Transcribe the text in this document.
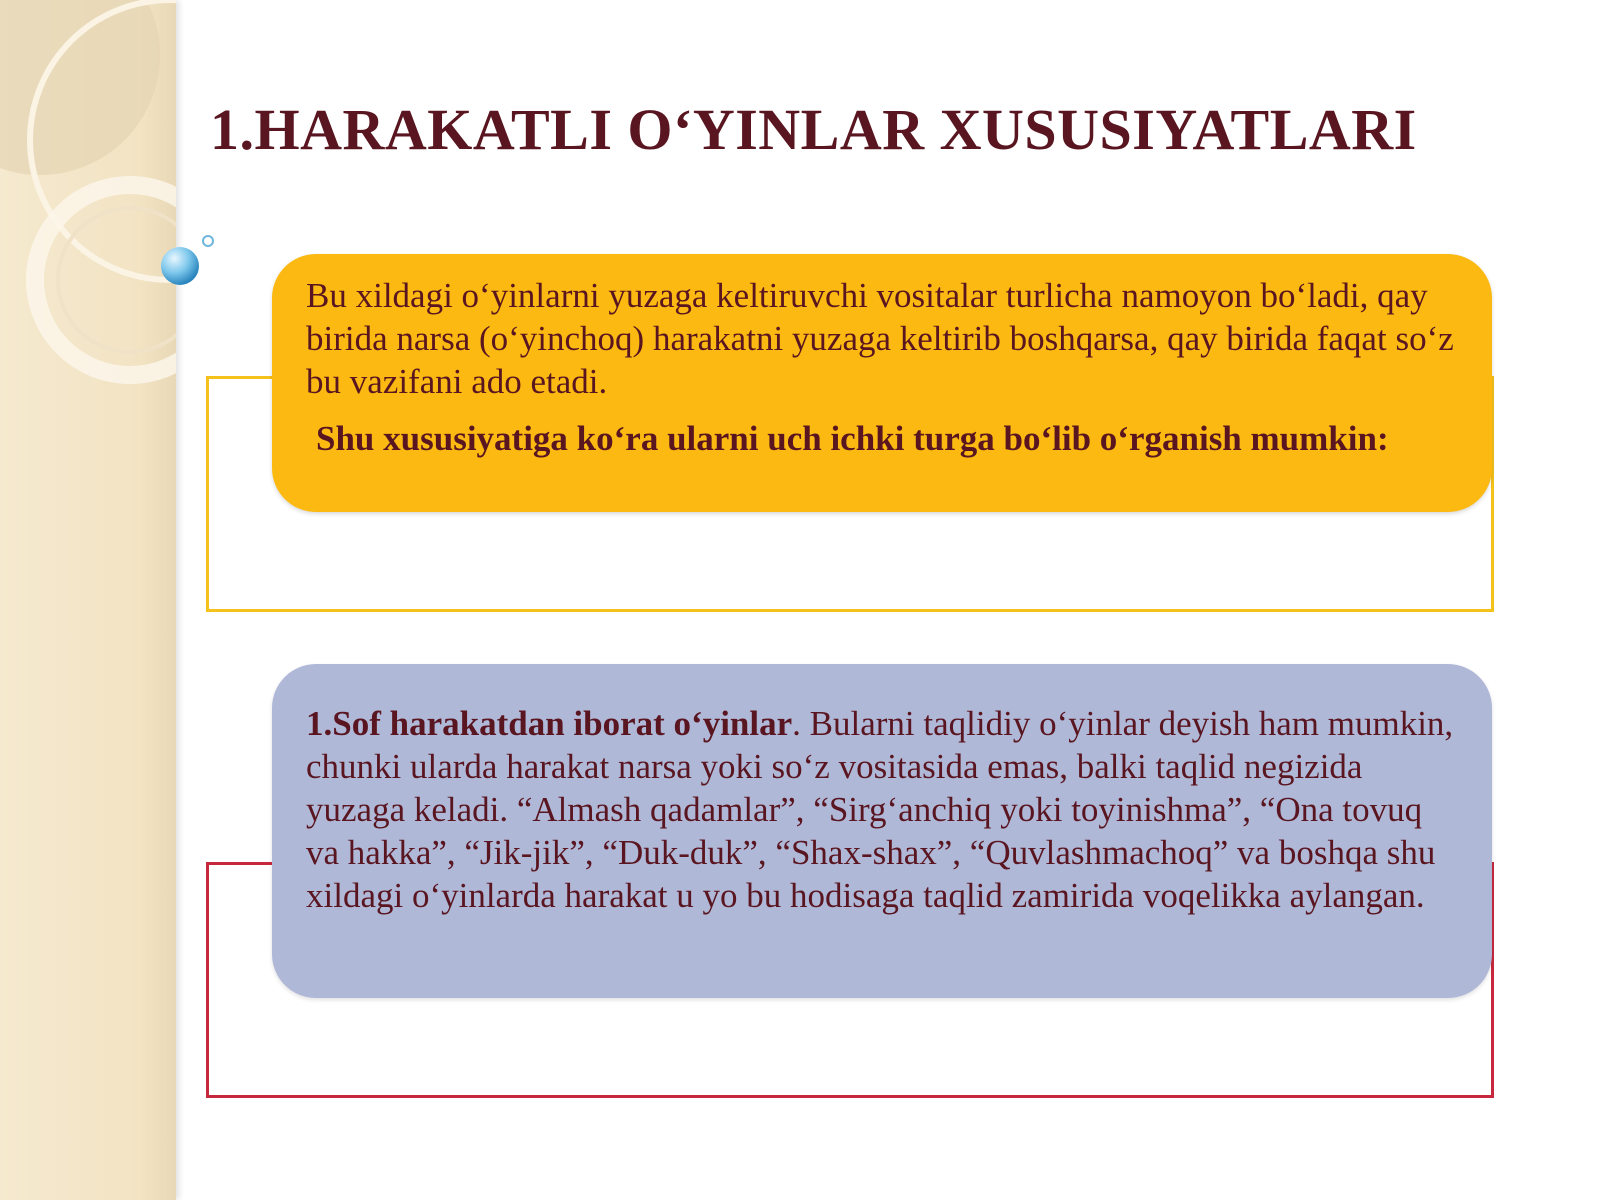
1.HARAKATLI O‘YINLAR XUSUSIYATLARI

Bu xildagi o‘yinlarni yuzaga keltiruvchi vositalar turlicha namoyon bo‘ladi, qay birida narsa (o‘yinchoq) harakatni yuzaga keltirib boshqarsa, qay birida faqat so‘z bu vazifani ado etadi.

Shu xususiyatiga ko‘ra ularni uch ichki turga bo‘lib o‘rganish mumkin:

1.Sof harakatdan iborat o‘yinlar. Bularni taqlidiy o‘yinlar deyish ham mumkin, chunki ularda harakat narsa yoki so‘z vositasida emas, balki taqlid negizida yuzaga keladi. “Almash qadamlar”, “Sirg‘anchiq yoki toyinishma”, “Ona tovuq va hakka”, “Jik-jik”, “Duk-duk”, “Shax-shax”, “Quvlashmachoq” va boshqa shu xildagi o‘yinlarda harakat u yo bu hodisaga taqlid zamirida voqelikka aylangan.
